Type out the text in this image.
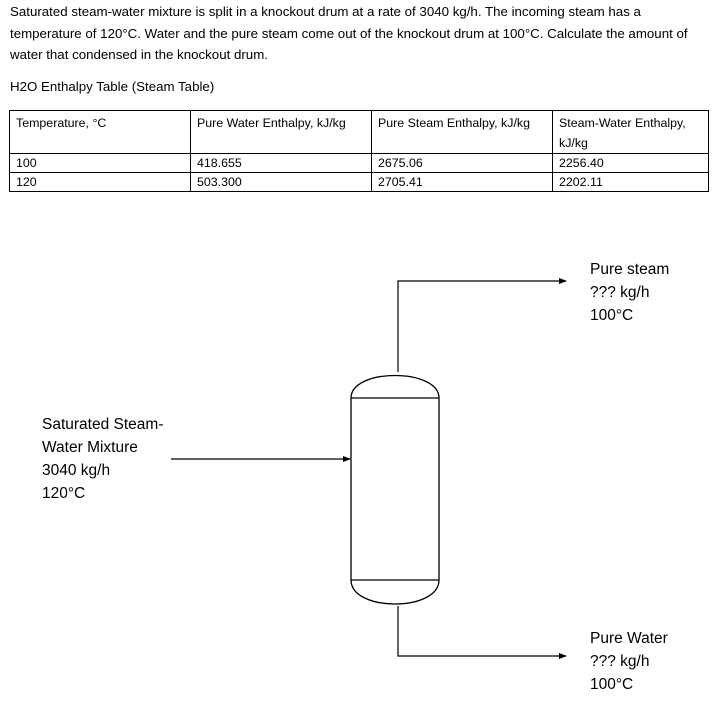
Saturated steam-water mixture is split in a knockout drum at a rate of 3040 kg/h. The incoming steam has a temperature of 120°C. Water and the pure steam come out of the knockout drum at 100°C. Calculate the amount of water that condensed in the knockout drum.
H2O Enthalpy Table (Steam Table)
Temperature, °C	Pure Water Enthalpy, kJ/kg	Pure Steam Enthalpy, kJ/kg	Steam-Water Enthalpy, kJ/kg
100	418.655	2675.06	2256.40
120	503.300	2705.41	2202.11
Saturated Steam-
Water Mixture
3040 kg/h
120°C
Pure steam
??? kg/h
100°C
Pure Water
??? kg/h
100°C
